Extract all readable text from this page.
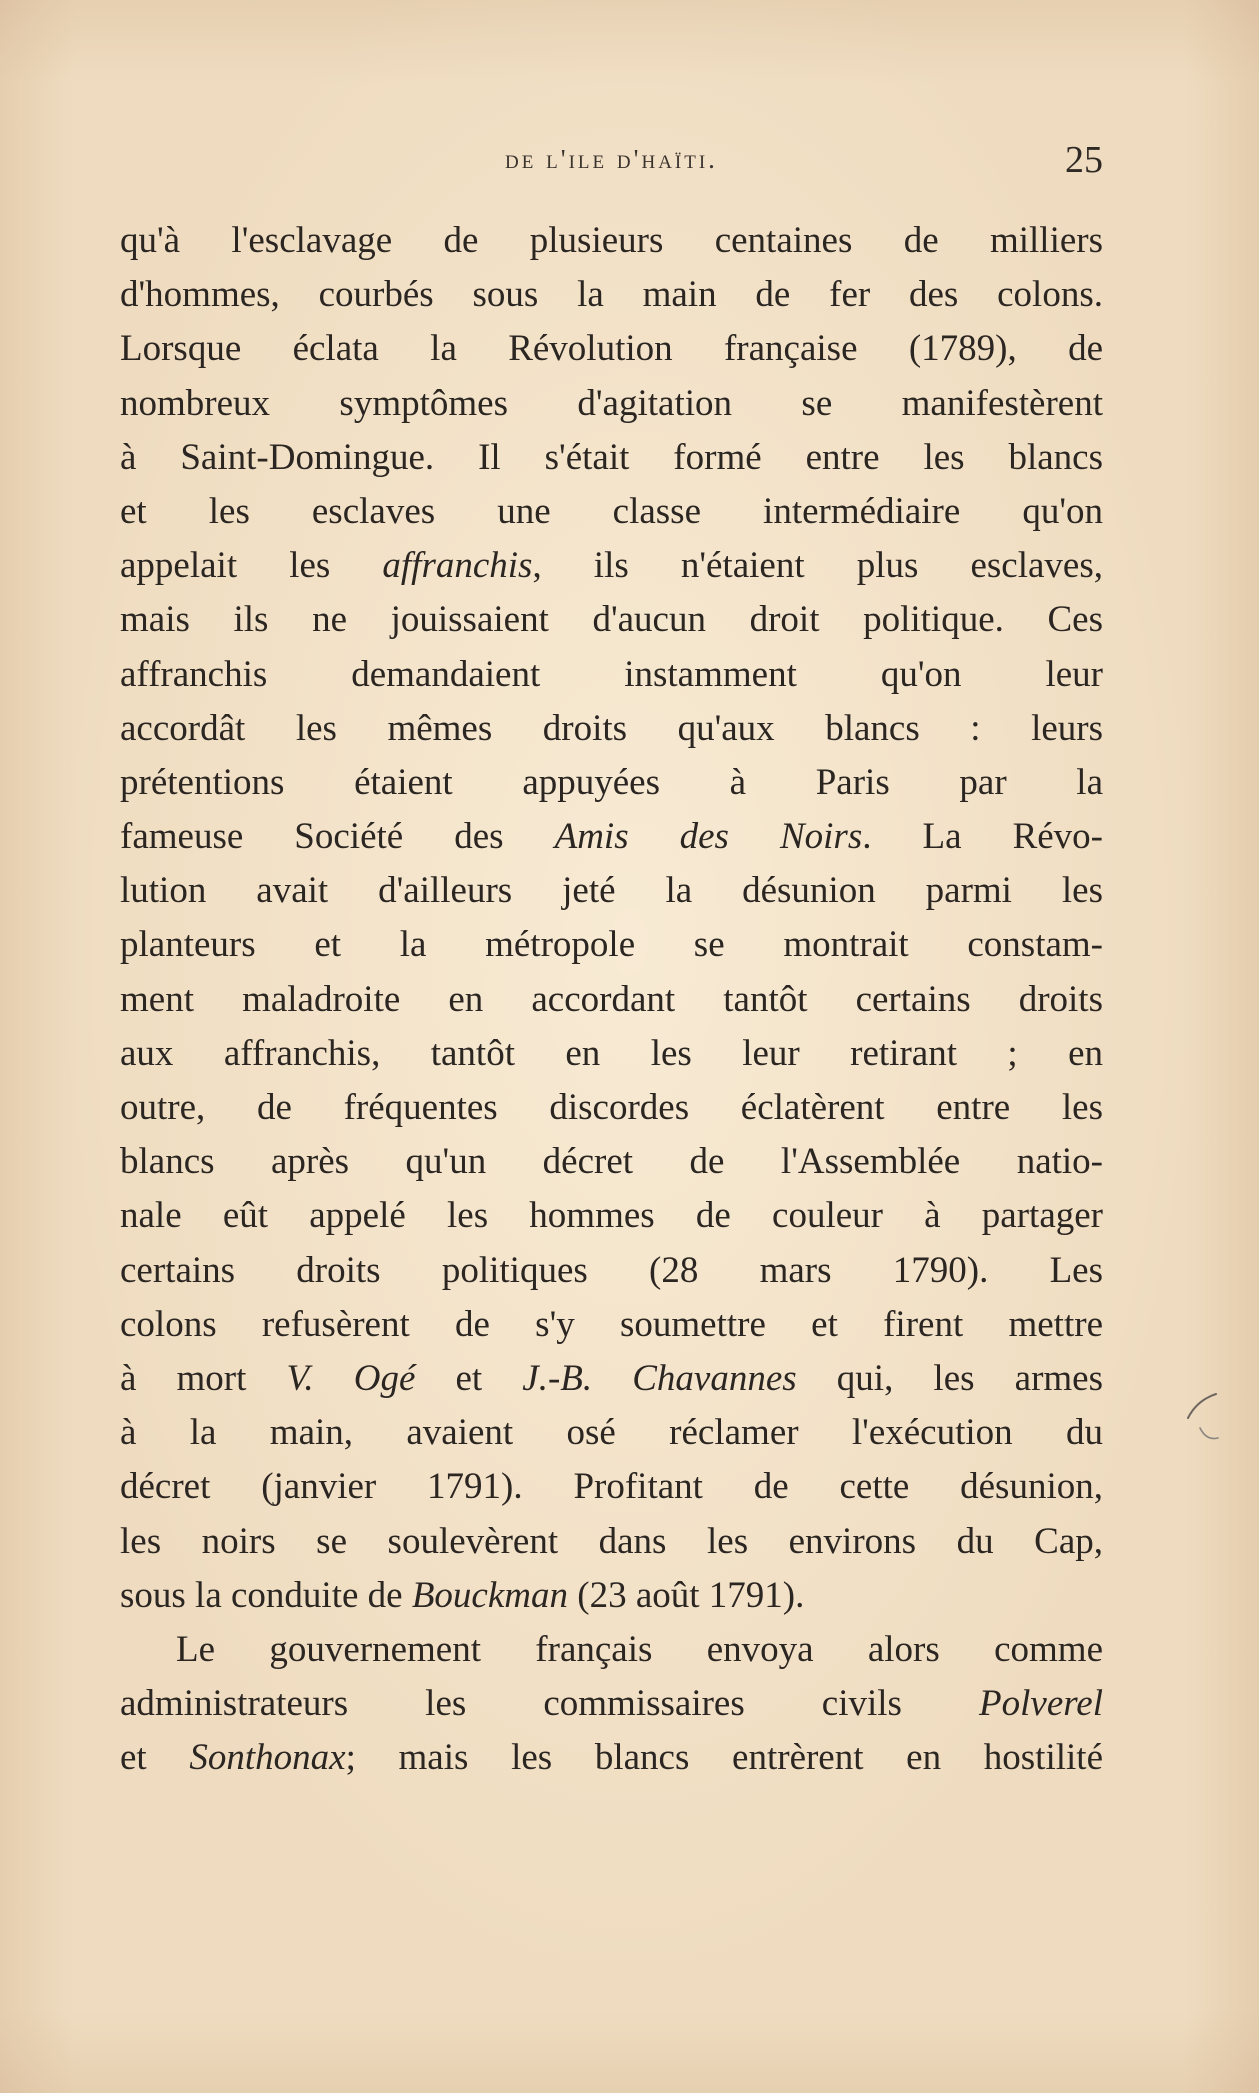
de l'ile d'haïti.	25
qu'à l'esclavage de plusieurs centaines de milliers
d'hommes, courbés sous la main de fer des colons.
Lorsque éclata la Révolution française (1789), de
nombreux symptômes d'agitation se manifestèrent
à Saint-Domingue. Il s'était formé entre les blancs
et les esclaves une classe intermédiaire qu'on
appelait les affranchis, ils n'étaient plus esclaves,
mais ils ne jouissaient d'aucun droit politique. Ces
affranchis demandaient instamment qu'on leur
accordât les mêmes droits qu'aux blancs : leurs
prétentions étaient appuyées à Paris par la
fameuse Société des Amis des Noirs. La Révo-
lution avait d'ailleurs jeté la désunion parmi les
planteurs et la métropole se montrait constam-
ment maladroite en accordant tantôt certains droits
aux affranchis, tantôt en les leur retirant ; en
outre, de fréquentes discordes éclatèrent entre les
blancs après qu'un décret de l'Assemblée natio-
nale eût appelé les hommes de couleur à partager
certains droits politiques (28 mars 1790). Les
colons refusèrent de s'y soumettre et firent mettre
à mort V. Ogé et J.-B. Chavannes qui, les armes
à la main, avaient osé réclamer l'exécution du
décret (janvier 1791). Profitant de cette désunion,
les noirs se soulevèrent dans les environs du Cap,
sous la conduite de Bouckman (23 août 1791).
Le gouvernement français envoya alors comme
administrateurs les commissaires civils Polverel
et Sonthonax; mais les blancs entrèrent en hostilité
